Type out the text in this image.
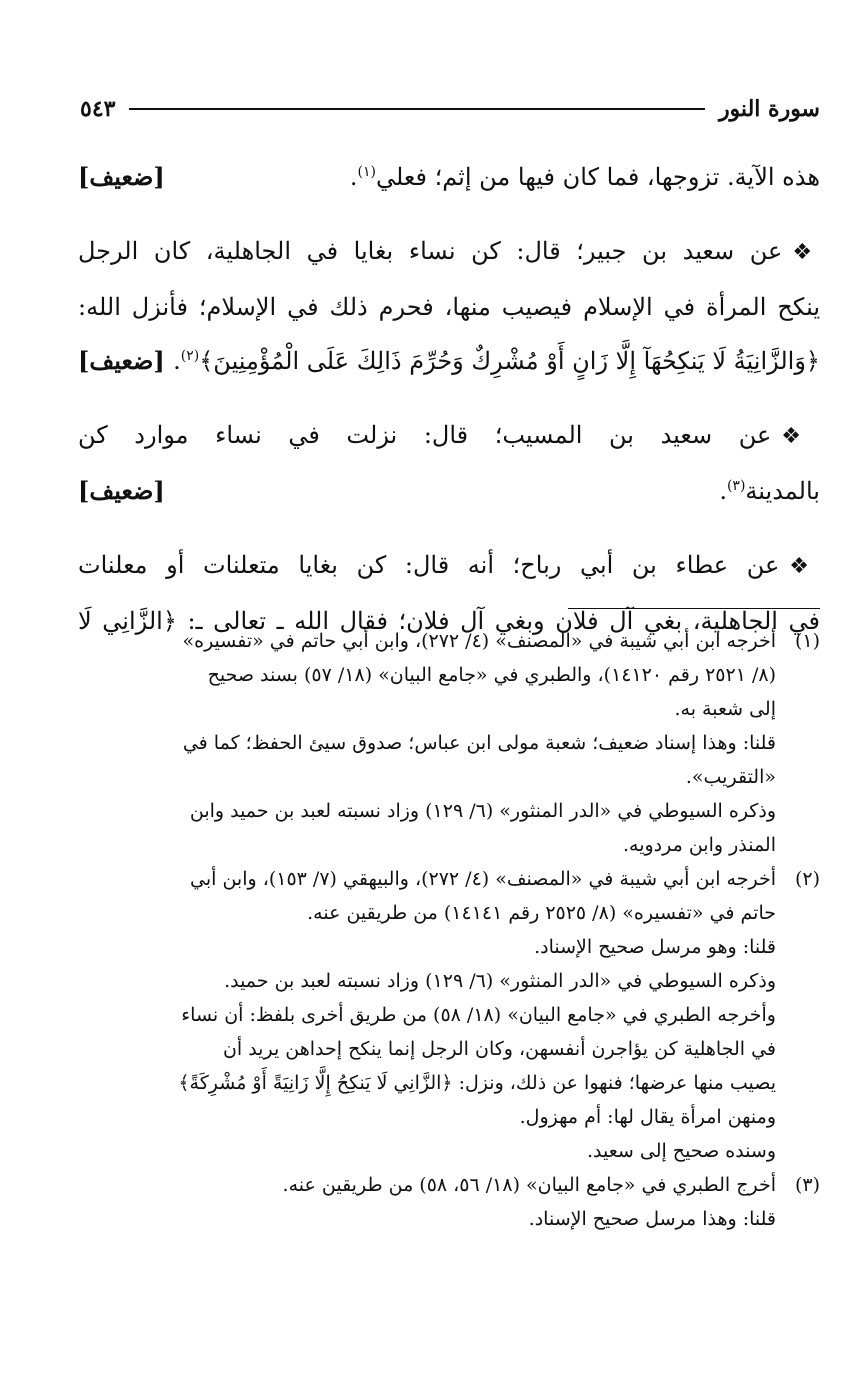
سورة النور
٥٤٣
هذه الآية. تزوجها، فما كان فيها من إثم؛ فعلي$^{(١)}$.
[ضعيف]
❖عن سعيد بن جبير؛ قال: كن نساء بغايا في الجاهلية، كان الرجل
ينكح المرأة في الإسلام فيصيب منها، فحرم ذلك في الإسلام؛ فأنزل الله:
﴿وَالزَّانِيَةُ لَا يَنكِحُهَآ إِلَّا زَانٍ أَوْ مُشْرِكٌ وَحُرِّمَ ذَالِكَ عَلَى الْمُؤْمِنِينَ﴾$^{(٢)}$.
[ضعيف]
❖عن سعيد بن المسيب؛ قال: نزلت في نساء موارد كن
بالمدينة$^{(٣)}$.
[ضعيف]
❖عن عطاء بن أبي رباح؛ أنه قال: كن بغايا متعلنات أو معلنات
في الجاهلية، بغي آل فلان وبغي آل فلان؛ فقال الله ـ تعالى ـ: ﴿الزَّانِي لَا
(١)
أخرجه ابن أبي شيبة في «المصنف» (٤/ ٢٧٢)، وابن أبي حاتم في «تفسيره»
(٨/ ٢٥٢١ رقم ١٤١٢٠)، والطبري في «جامع البيان» (١٨/ ٥٧) بسند صحيح
إلى شعبة به.
قلنا: وهذا إسناد ضعيف؛ شعبة مولى ابن عباس؛ صدوق سيئ الحفظ؛ كما في
«التقريب».
وذكره السيوطي في «الدر المنثور» (٦/ ١٢٩) وزاد نسبته لعبد بن حميد وابن
المنذر وابن مردويه.
(٢)
أخرجه ابن أبي شيبة في «المصنف» (٤/ ٢٧٢)، والبيهقي (٧/ ١٥٣)، وابن أبي
حاتم في «تفسيره» (٨/ ٢٥٢٥ رقم ١٤١٤١) من طريقين عنه.
قلنا: وهو مرسل صحيح الإسناد.
وذكره السيوطي في «الدر المنثور» (٦/ ١٢٩) وزاد نسبته لعبد بن حميد.
وأخرجه الطبري في «جامع البيان» (١٨/ ٥٨) من طريق أخرى بلفظ: أن نساء
في الجاهلية كن يؤاجرن أنفسهن، وكان الرجل إنما ينكح إحداهن يريد أن
يصيب منها عرضها؛ فنهوا عن ذلك، ونزل: ﴿الزَّانِي لَا يَنكِحُ إِلَّا زَانِيَةً أَوْ مُشْرِكَةً﴾
ومنهن امرأة يقال لها: أم مهزول.
وسنده صحيح إلى سعيد.
(٣)
أخرج الطبري في «جامع البيان» (١٨/ ٥٦، ٥٨) من طريقين عنه.
قلنا: وهذا مرسل صحيح الإسناد.
